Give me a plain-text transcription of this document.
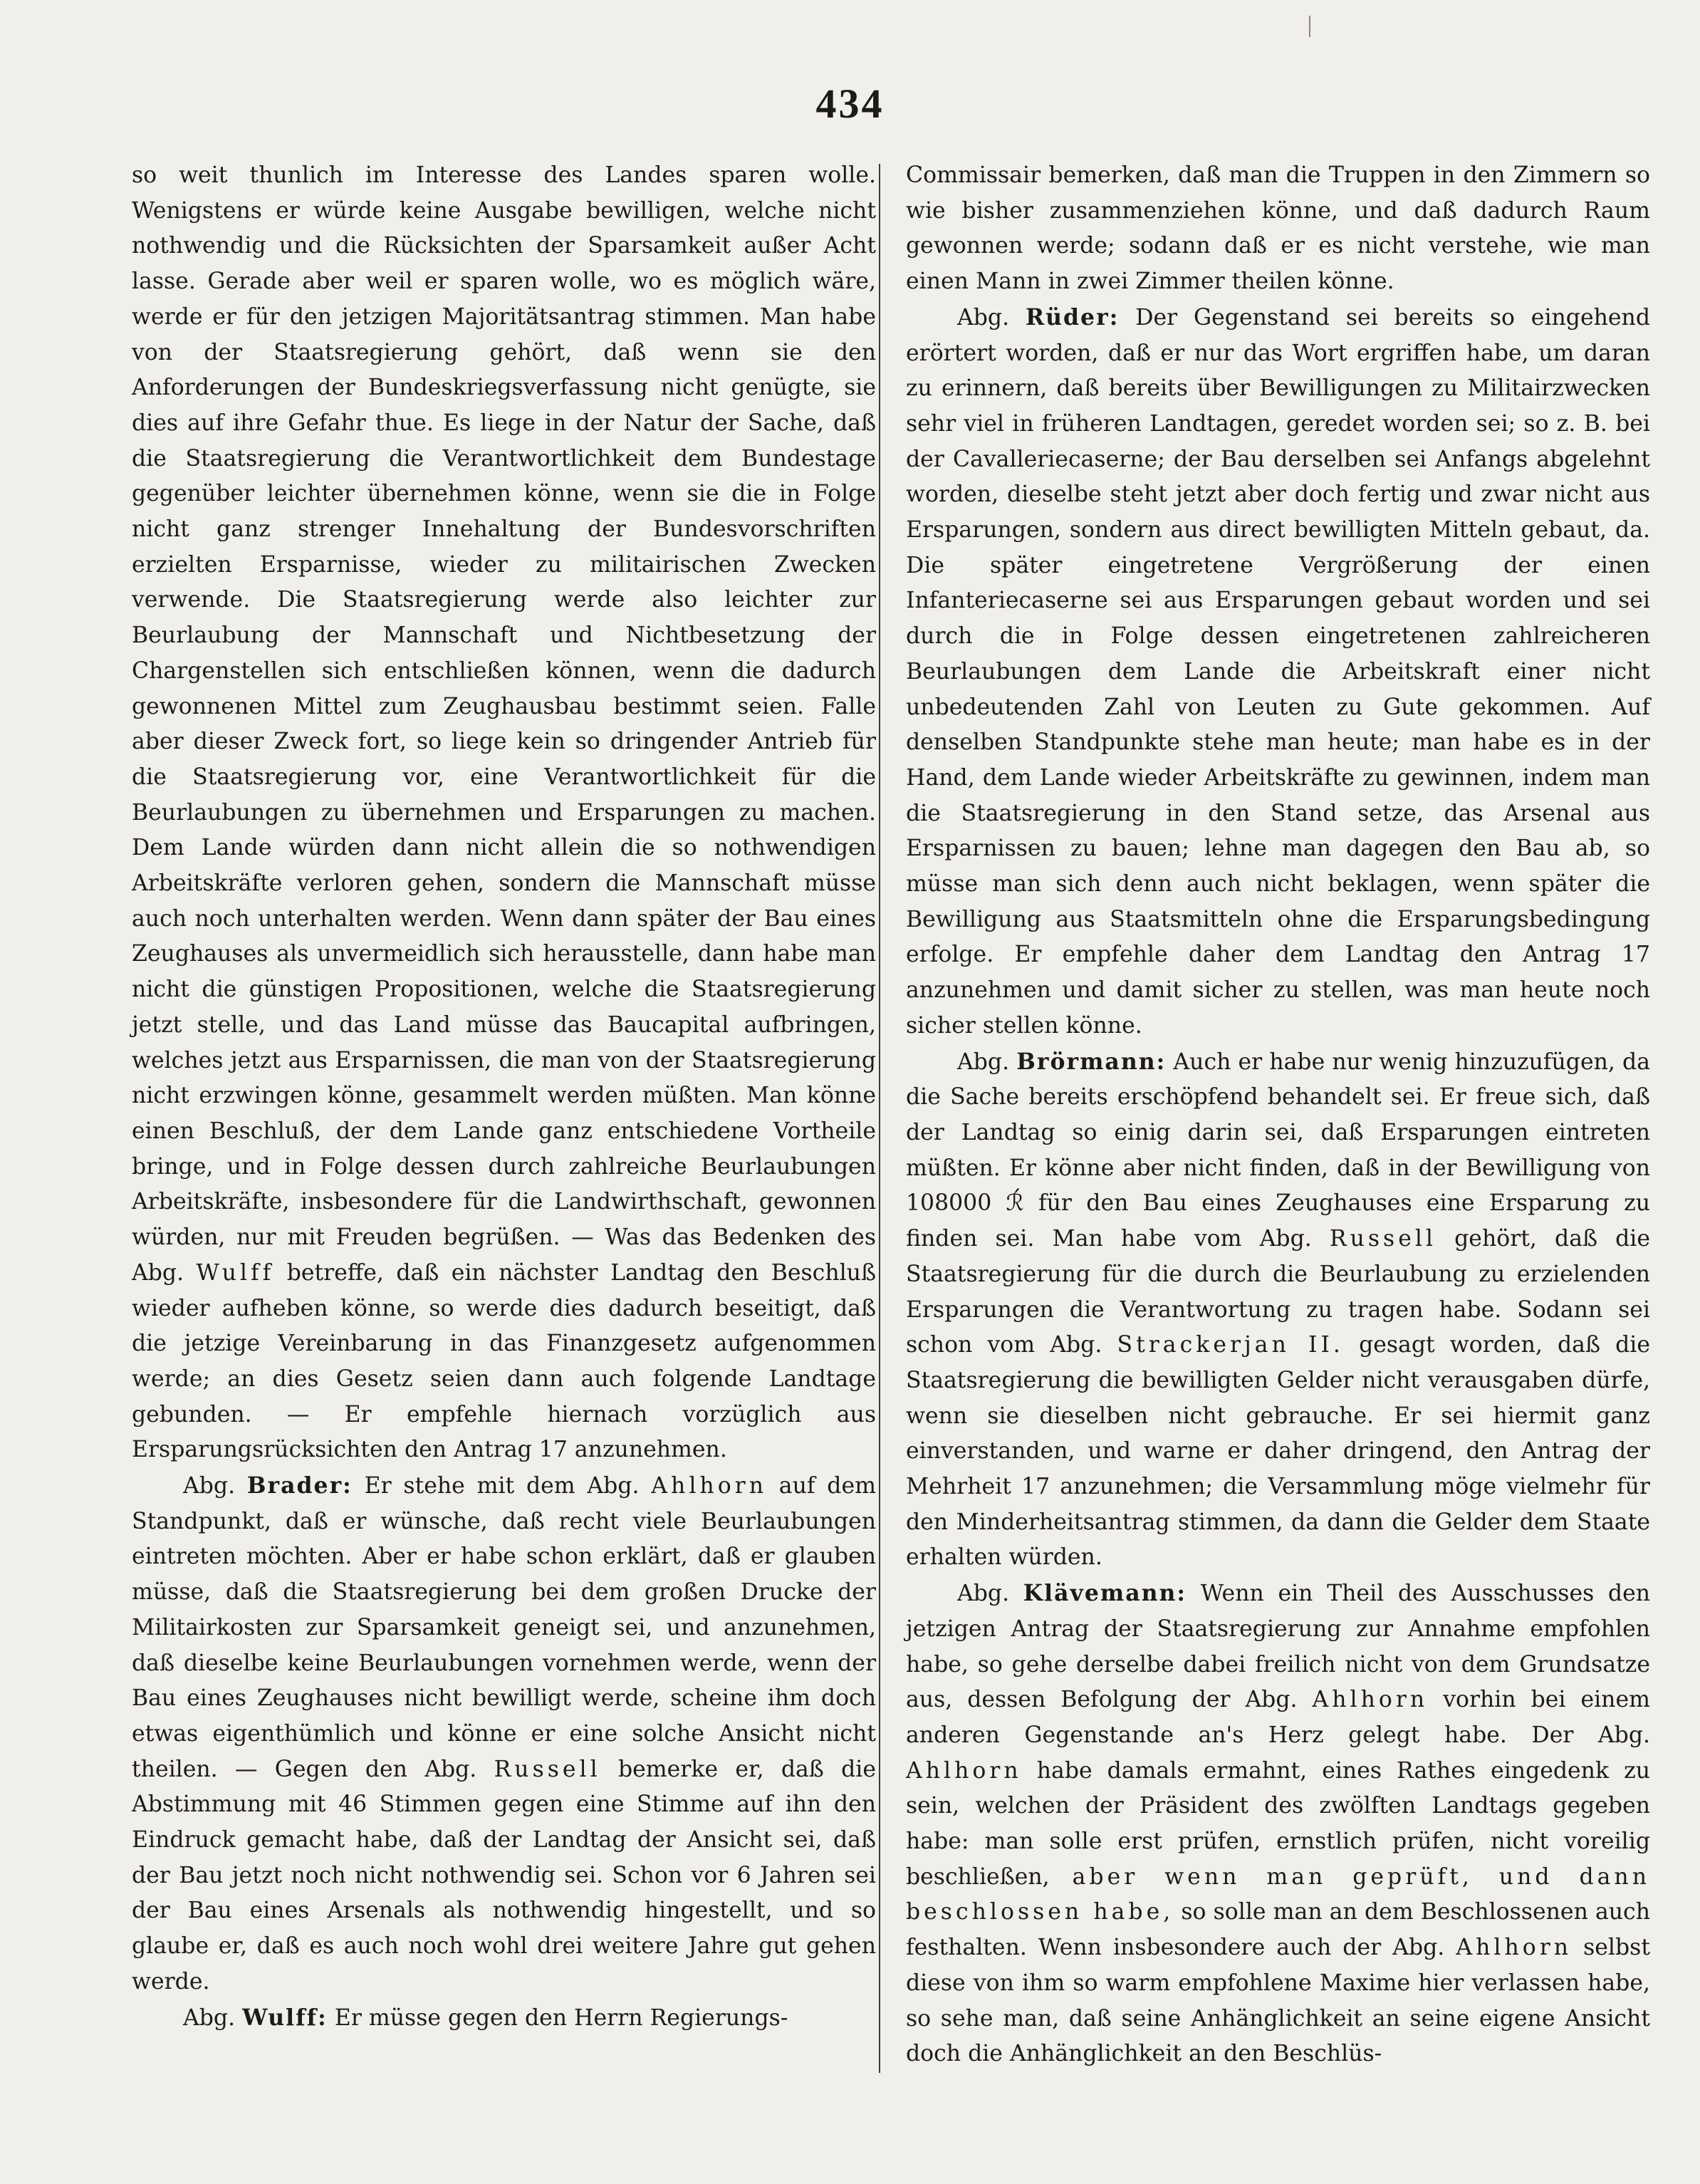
434

so weit thunlich im Interesse des Landes sparen wolle. Wenigstens er würde keine Ausgabe bewilligen, welche nicht nothwendig und die Rücksichten der Sparsamkeit außer Acht lasse. Gerade aber weil er sparen wolle, wo es möglich wäre, werde er für den jetzigen Majoritätsantrag stimmen. Man habe von der Staatsregierung gehört, daß wenn sie den Anforderungen der Bundeskriegsverfassung nicht genügte, sie dies auf ihre Gefahr thue. Es liege in der Natur der Sache, daß die Staatsregierung die Verantwortlichkeit dem Bundestage gegenüber leichter übernehmen könne, wenn sie die in Folge nicht ganz strenger Innehaltung der Bundesvorschriften erzielten Ersparnisse, wieder zu militairischen Zwecken verwende. Die Staatsregierung werde also leichter zur Beurlaubung der Mannschaft und Nichtbesetzung der Chargenstellen sich entschließen können, wenn die dadurch gewonnenen Mittel zum Zeughausbau bestimmt seien. Falle aber dieser Zweck fort, so liege kein so dringender Antrieb für die Staatsregierung vor, eine Verantwortlichkeit für die Beurlaubungen zu übernehmen und Ersparungen zu machen. Dem Lande würden dann nicht allein die so nothwendigen Arbeitskräfte verloren gehen, sondern die Mannschaft müsse auch noch unterhalten werden. Wenn dann später der Bau eines Zeughauses als unvermeidlich sich herausstelle, dann habe man nicht die günstigen Propositionen, welche die Staatsregierung jetzt stelle, und das Land müsse das Baucapital aufbringen, welches jetzt aus Ersparnissen, die man von der Staatsregierung nicht erzwingen könne, gesammelt werden müßten. Man könne einen Beschluß, der dem Lande ganz entschiedene Vortheile bringe, und in Folge dessen durch zahlreiche Beurlaubungen Arbeitskräfte, insbesondere für die Landwirthschaft, gewonnen würden, nur mit Freuden begrüßen. — Was das Bedenken des Abg. Wulff betreffe, daß ein nächster Landtag den Beschluß wieder aufheben könne, so werde dies dadurch beseitigt, daß die jetzige Vereinbarung in das Finanzgesetz aufgenommen werde; an dies Gesetz seien dann auch folgende Landtage gebunden. — Er empfehle hiernach vorzüglich aus Ersparungsrücksichten den Antrag 17 anzunehmen.

Abg. Brader: Er stehe mit dem Abg. Ahlhorn auf dem Standpunkt, daß er wünsche, daß recht viele Beurlaubungen eintreten möchten. Aber er habe schon erklärt, daß er glauben müsse, daß die Staatsregierung bei dem großen Drucke der Militairkosten zur Sparsamkeit geneigt sei, und anzunehmen, daß dieselbe keine Beurlaubungen vornehmen werde, wenn der Bau eines Zeughauses nicht bewilligt werde, scheine ihm doch etwas eigenthümlich und könne er eine solche Ansicht nicht theilen. — Gegen den Abg. Russell bemerke er, daß die Abstimmung mit 46 Stimmen gegen eine Stimme auf ihn den Eindruck gemacht habe, daß der Landtag der Ansicht sei, daß der Bau jetzt noch nicht nothwendig sei. Schon vor 6 Jahren sei der Bau eines Arsenals als nothwendig hingestellt, und so glaube er, daß es auch noch wohl drei weitere Jahre gut gehen werde.

Abg. Wulff: Er müsse gegen den Herrn Regierungs-

Commissair bemerken, daß man die Truppen in den Zimmern so wie bisher zusammenziehen könne, und daß dadurch Raum gewonnen werde; sodann daß er es nicht verstehe, wie man einen Mann in zwei Zimmer theilen könne.

Abg. Rüder: Der Gegenstand sei bereits so eingehend erörtert worden, daß er nur das Wort ergriffen habe, um daran zu erinnern, daß bereits über Bewilligungen zu Militairzwecken sehr viel in früheren Landtagen, geredet worden sei; so z. B. bei der Cavalleriecaserne; der Bau derselben sei Anfangs abgelehnt worden, dieselbe steht jetzt aber doch fertig und zwar nicht aus Ersparungen, sondern aus direct bewilligten Mitteln gebaut, da. Die später eingetretene Vergrößerung der einen Infanteriecaserne sei aus Ersparungen gebaut worden und sei durch die in Folge dessen eingetretenen zahlreicheren Beurlaubungen dem Lande die Arbeitskraft einer nicht unbedeutenden Zahl von Leuten zu Gute gekommen. Auf denselben Standpunkte stehe man heute; man habe es in der Hand, dem Lande wieder Arbeitskräfte zu gewinnen, indem man die Staatsregierung in den Stand setze, das Arsenal aus Ersparnissen zu bauen; lehne man dagegen den Bau ab, so müsse man sich denn auch nicht beklagen, wenn später die Bewilligung aus Staatsmitteln ohne die Ersparungsbedingung erfolge. Er empfehle daher dem Landtag den Antrag 17 anzunehmen und damit sicher zu stellen, was man heute noch sicher stellen könne.

Abg. Brörmann: Auch er habe nur wenig hinzuzufügen, da die Sache bereits erschöpfend behandelt sei. Er freue sich, daß der Landtag so einig darin sei, daß Ersparungen eintreten müßten. Er könne aber nicht finden, daß in der Bewilligung von 108000 ℛ́ für den Bau eines Zeughauses eine Ersparung zu finden sei. Man habe vom Abg. Russell gehört, daß die Staatsregierung für die durch die Beurlaubung zu erzielenden Ersparungen die Verantwortung zu tragen habe. Sodann sei schon vom Abg. Strackerjan II. gesagt worden, daß die Staatsregierung die bewilligten Gelder nicht verausgaben dürfe, wenn sie dieselben nicht gebrauche. Er sei hiermit ganz einverstanden, und warne er daher dringend, den Antrag der Mehrheit 17 anzunehmen; die Versammlung möge vielmehr für den Minderheitsantrag stimmen, da dann die Gelder dem Staate erhalten würden.

Abg. Klävemann: Wenn ein Theil des Ausschusses den jetzigen Antrag der Staatsregierung zur Annahme empfohlen habe, so gehe derselbe dabei freilich nicht von dem Grundsatze aus, dessen Befolgung der Abg. Ahlhorn vorhin bei einem anderen Gegenstande an's Herz gelegt habe. Der Abg. Ahlhorn habe damals ermahnt, eines Rathes eingedenk zu sein, welchen der Präsident des zwölften Landtags gegeben habe: man solle erst prüfen, ernstlich prüfen, nicht voreilig beschließen, aber wenn man geprüft, und dann beschlossen habe, so solle man an dem Beschlossenen auch festhalten. Wenn insbesondere auch der Abg. Ahlhorn selbst diese von ihm so warm empfohlene Maxime hier verlassen habe, so sehe man, daß seine Anhänglichkeit an seine eigene Ansicht doch die Anhänglichkeit an den Beschlüs-
